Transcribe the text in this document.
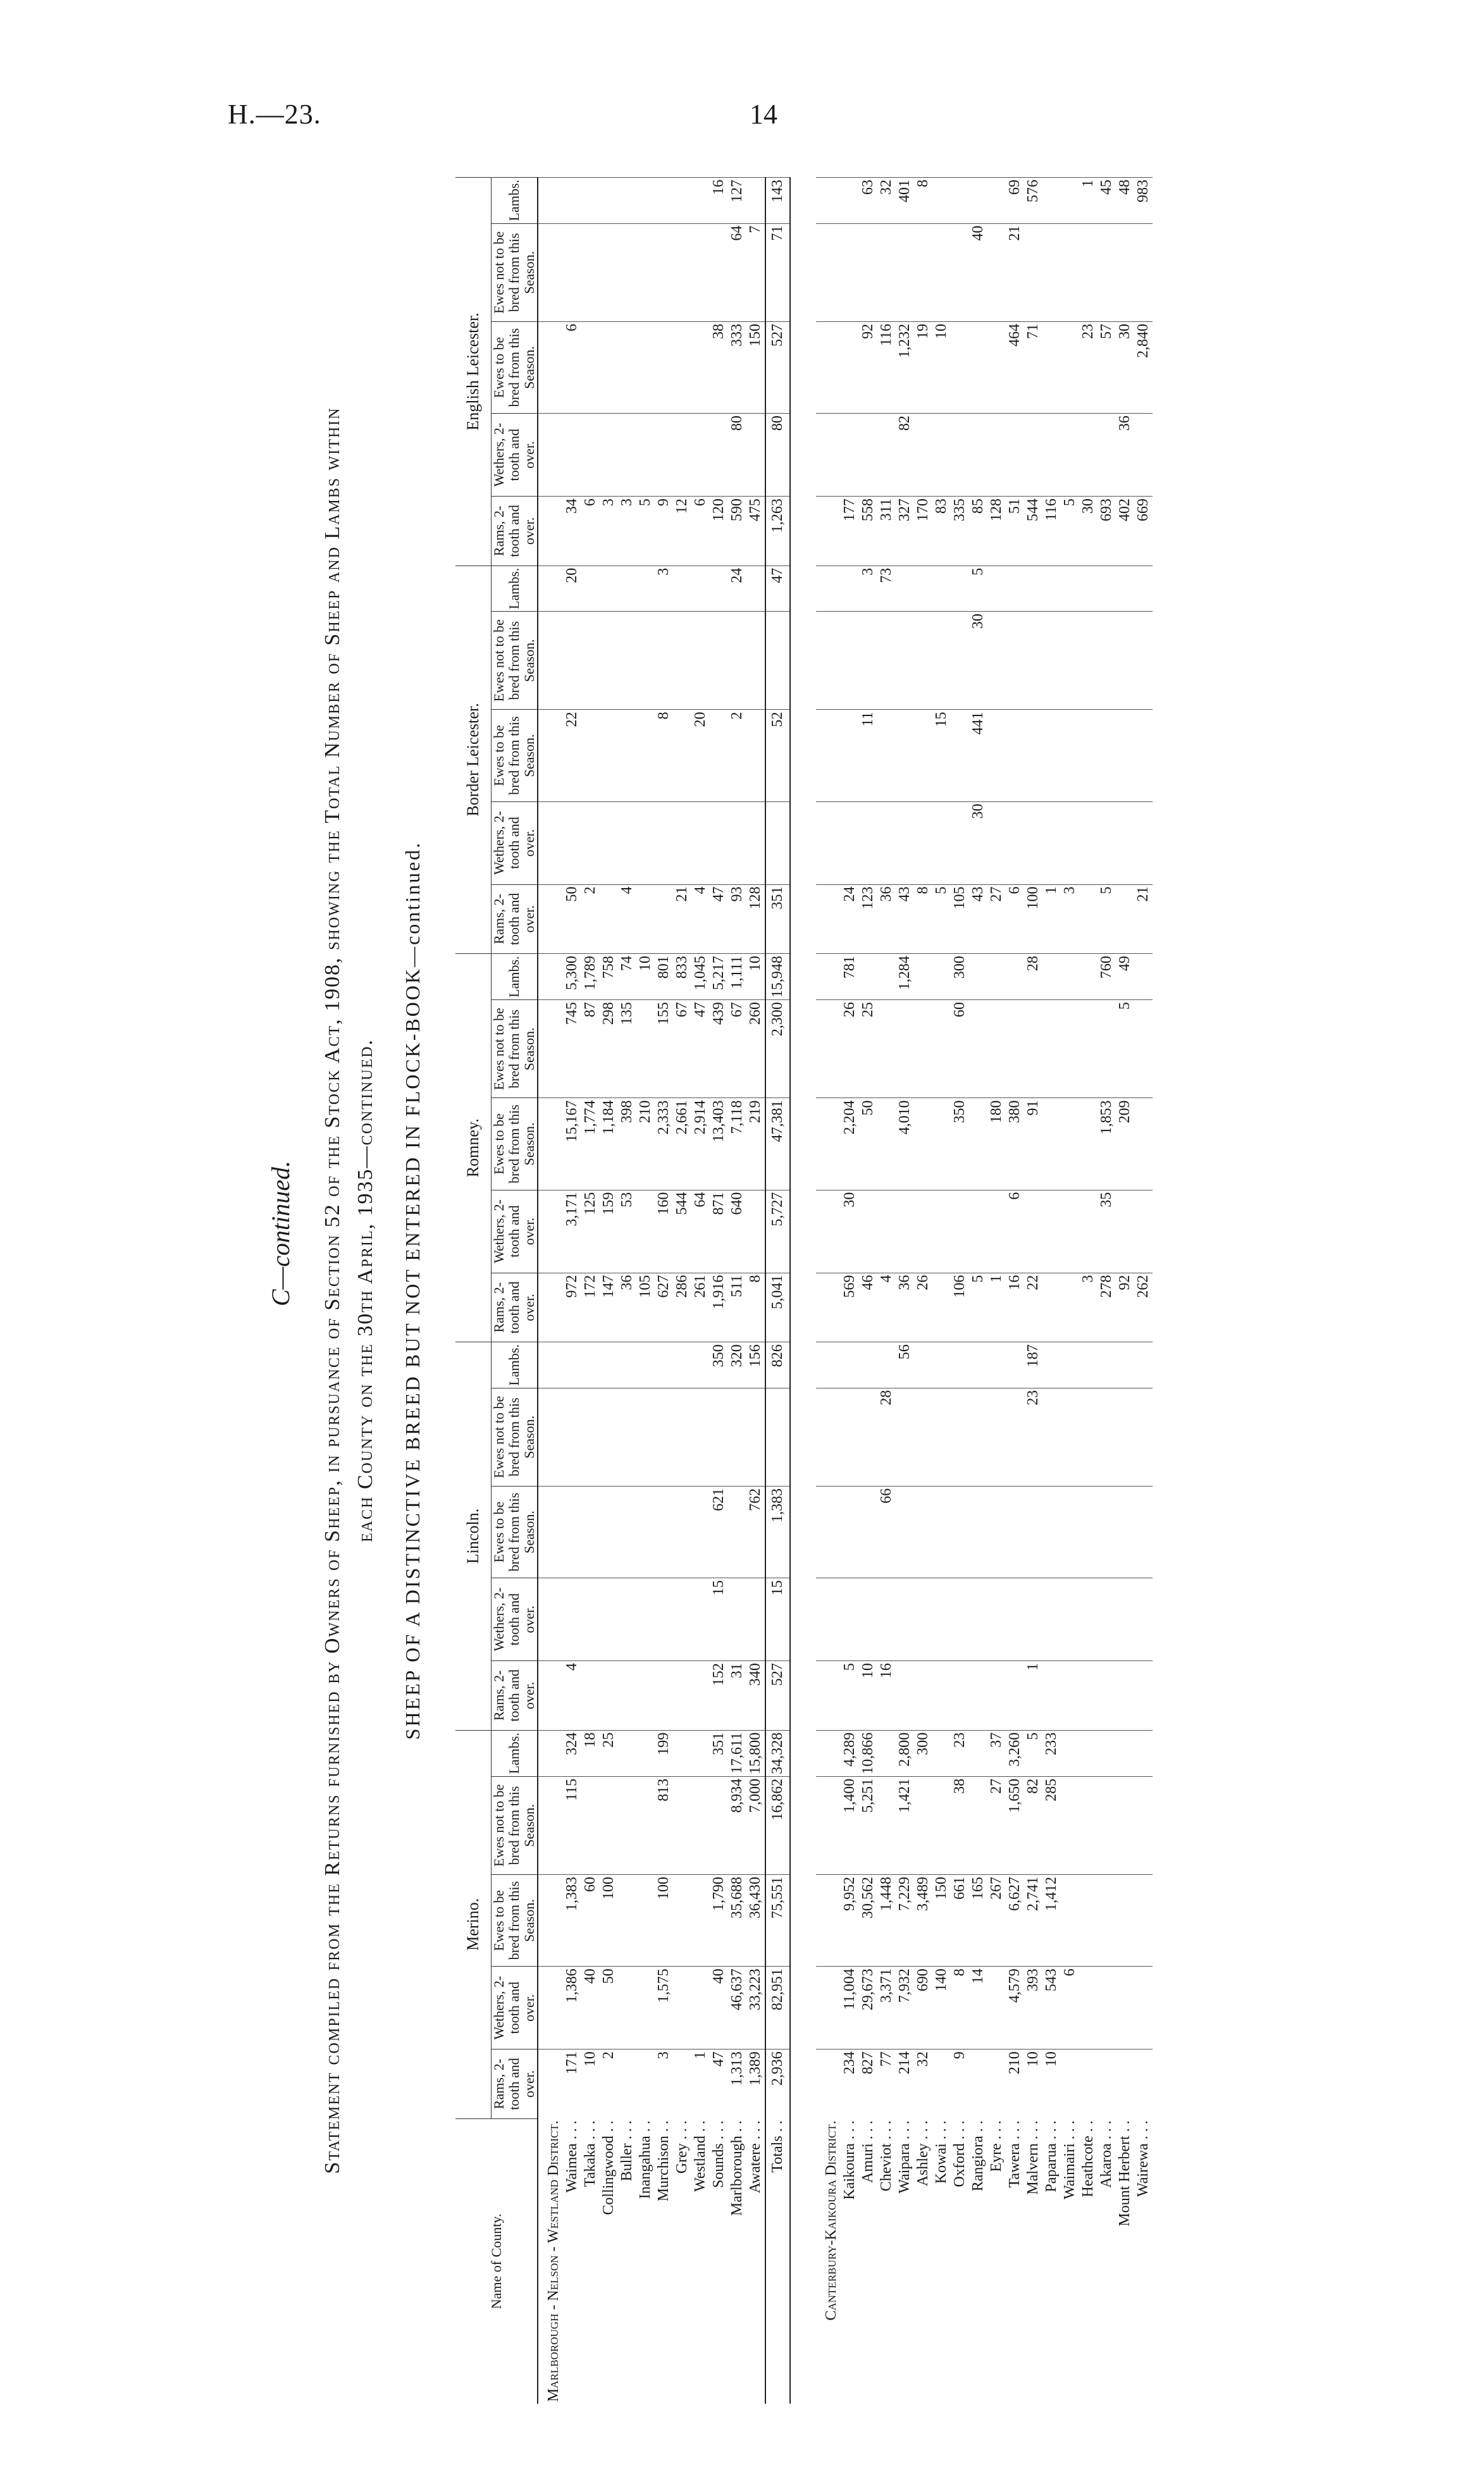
H.—23.	14
C—continued. Statement compiled from the Returns furnished by Owners of Sheep, in pursuance of Section 52 of the Stock Act, 1908, showing the Total Number of Sheep and Lambs within each County on the 30th April, 1935—continued. SHEEP OF A DISTINCTIVE BREED BUT NOT ENTERED IN FLOCK-BOOK—continued.
Name of County.	Merino.					Lincoln.					Romney.					Border Leicester.					English Leicester.				
	Rams, 2-tooth and over.	Wethers, 2-tooth and over.	Ewes to be bred from this Season.	Ewes not to be bred from this Season.	Lambs.	Rams, 2-tooth and over.	Wethers, 2-tooth and over.	Ewes to be bred from this Season.	Ewes not to be bred from this Season.	Lambs.	Rams, 2-tooth and over.	Wethers, 2-tooth and over.	Ewes to be bred from this Season.	Ewes not to be bred from this Season.	Lambs.	Rams, 2-tooth and over.	Wethers, 2-tooth and over.	Ewes to be bred from this Season.	Ewes not to be bred from this Season.	Lambs.	Rams, 2-tooth and over.	Wethers, 2-tooth and over.	Ewes to be bred from this Season.	Ewes not to be bred from this Season.	Lambs.
Marlborough - Nelson - Westland District.																									
Waimea . . .	171	1,386	1,383	115	324	4					972	3,171	15,167	745	5,300	50		22		20	34		6		
Takaka . . .	10	40	60		18						172	125	1,774	87	1,789	2					6				
Collingwood . .	2	50	100		25						147	159	1,184	298	758						3				
Buller . . .											36	53	398	135	74	4					3				
Inangahua . .											105		210		10						5				
Murchison . .	3	1,575	100	813	199						627	160	2,333	155	801			8		3	9				
Grey . . .											286	544	2,661	67	833	21					12				
Westland . .	1										261	64	2,914	47	1,045	4		20			6				
Sounds . . .	47	40	1,790		351	152	15	621		350	1,916	871	13,403	439	5,217	47					120		38		16
Marlborough . .	1,313	46,637	35,688	8,934	17,611	31				320	511	640	7,118	67	1,111	93		2		24	590	80	333	64	127
Awatere . . .	1,389	33,223	36,430	7,000	15,800	340		762		156	8		219	260	10	128					475		150	7	
Totals . .	2,936	82,951	75,551	16,862	34,328	527	15	1,383		826	5,041	5,727	47,381	2,300	15,948	351		52		47	1,263	80	527	71	143

Canterbury-Kaikoura District.																									
Kaikoura . . .	234	11,004	9,952	1,400	4,289	5					569	30	2,204	26	781	24					177				
Amuri . . .	827	29,673	30,562	5,251	10,866	10					46		50	25		123		11		3	558		92		63
Cheviot . . .	77	3,371	1,448			16		66	28		4					36				73	311		116		32
Waipara . . .	214	7,932	7,229	1,421	2,800					56	36		4,010		1,284	43					327	82	1,232		401
Ashley . . .	32	690	3,489		300						26					8					170		19		8
Kowai . . .		140	150													5		15			83		10		
Oxford . . .	9	8	661	38	23						106		350	60	300	105					335				
Rangiora . .		14	165								5					43	30	441	30	5	85			40	
Eyre . . .			267	27	37						1		180			27					128				
Tawera . . .	210	4,579	6,627	1,650	3,260						16	6	380			6					51		464	21	69
Malvern . . .	10	393	2,741	82	5	1			23	187	22		91		28	100					544		71		576
Paparua . . .	10	543	1,412	285	233											1					116				
Waimairi . . .		6														3					5				
Heathcote . .											3										30		23		1
Akaroa . . .											278	35	1,853		760	5					693		57		45
Mount Herbert . .											92		209	5	49						402	36	30		48
Wairewa . . .											262					21					669		2,840		983
